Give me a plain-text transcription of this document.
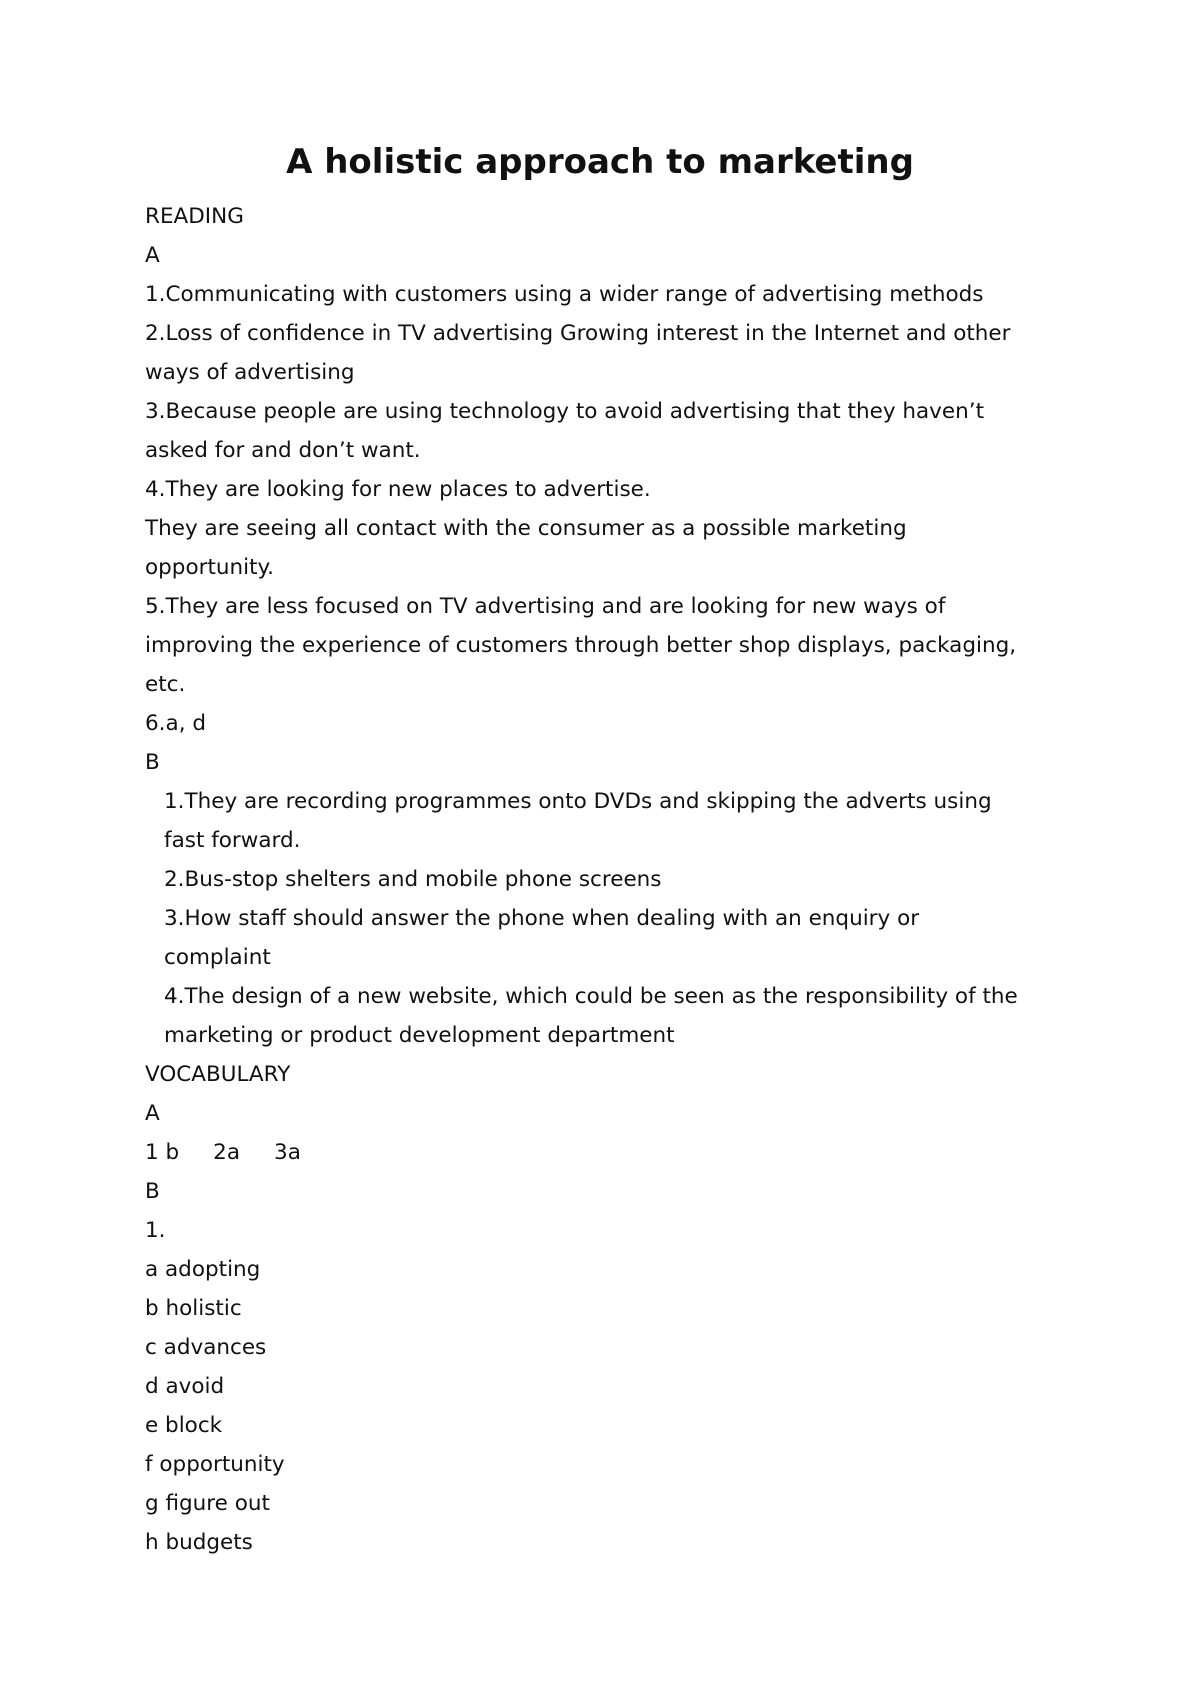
A holistic approach to marketing
READING
A
1.Communicating with customers using a wider range of advertising methods
2.Loss of confidence in TV advertising Growing interest in the Internet and other
ways of advertising
3.Because people are using technology to avoid advertising that they haven’t
asked for and don’t want.
4.They are looking for new places to advertise.
They are seeing all contact with the consumer as a possible marketing
opportunity.
5.They are less focused on TV advertising and are looking for new ways of
improving the experience of customers through better shop displays, packaging,
etc.
6.a, d
B
1.They are recording programmes onto DVDs and skipping the adverts using
fast forward.
2.Bus-stop shelters and mobile phone screens
3.How staff should answer the phone when dealing with an enquiry or
complaint
4.The design of a new website, which could be seen as the responsibility of the
marketing or product development department
VOCABULARY
A
1 b 2a 3a
B
1.
a adopting
b holistic
c advances
d avoid
e block
f opportunity
g figure out
h budgets
